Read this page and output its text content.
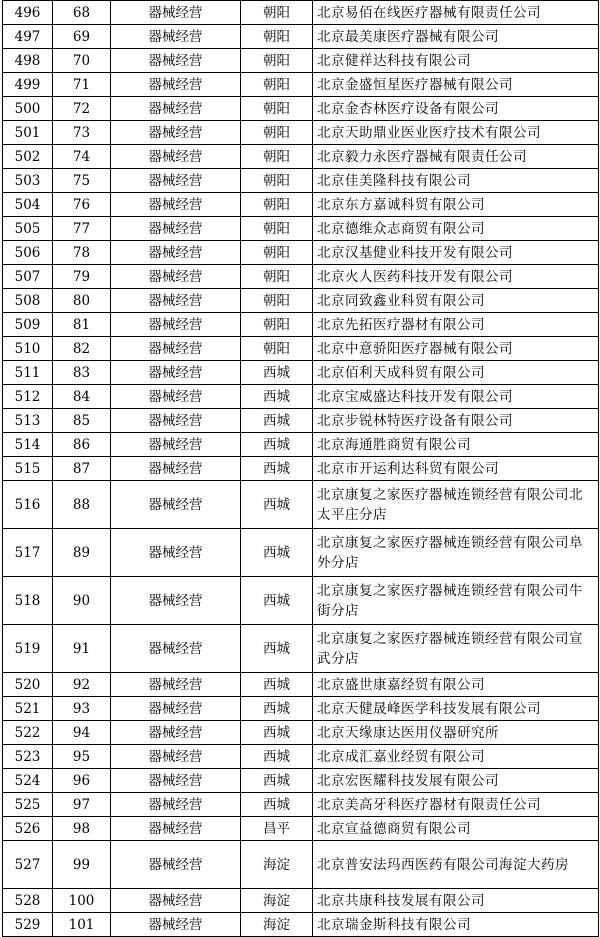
496	68	器械经营	朝阳	北京易佰在线医疗器械有限责任公司
497	69	器械经营	朝阳	北京最美康医疗器械有限公司
498	70	器械经营	朝阳	北京健祥达科技有限公司
499	71	器械经营	朝阳	北京金盛恒星医疗器械有限公司
500	72	器械经营	朝阳	北京金杏林医疗设备有限公司
501	73	器械经营	朝阳	北京天助鼎业医业医疗技术有限公司
502	74	器械经营	朝阳	北京毅力永医疗器械有限责任公司
503	75	器械经营	朝阳	北京佳美隆科技有限公司
504	76	器械经营	朝阳	北京东方嘉诚科贸有限公司
505	77	器械经营	朝阳	北京德维众志商贸有限公司
506	78	器械经营	朝阳	北京汉基健业科技开发有限公司
507	79	器械经营	朝阳	北京火人医药科技开发有限公司
508	80	器械经营	朝阳	北京同致鑫业科贸有限公司
509	81	器械经营	朝阳	北京先拓医疗器材有限公司
510	82	器械经营	朝阳	北京中意骄阳医疗器械有限公司
511	83	器械经营	西城	北京佰利天成科贸有限公司
512	84	器械经营	西城	北京宝威盛达科技开发有限公司
513	85	器械经营	西城	北京步锐林特医疗设备有限公司
514	86	器械经营	西城	北京海通胜商贸有限公司
515	87	器械经营	西城	北京市开运利达科贸有限公司
516	88	器械经营	西城	北京康复之家医疗器械连锁经营有限公司北太平庄分店
517	89	器械经营	西城	北京康复之家医疗器械连锁经营有限公司阜外分店
518	90	器械经营	西城	北京康复之家医疗器械连锁经营有限公司牛街分店
519	91	器械经营	西城	北京康复之家医疗器械连锁经营有限公司宣武分店
520	92	器械经营	西城	北京盛世康嘉经贸有限公司
521	93	器械经营	西城	北京天健晟峰医学科技发展有限公司
522	94	器械经营	西城	北京天缘康达医用仪器研究所
523	95	器械经营	西城	北京成汇嘉业经贸有限公司
524	96	器械经营	西城	北京宏医耀科技发展有限公司
525	97	器械经营	西城	北京美高牙科医疗器材有限责任公司
526	98	器械经营	昌平	北京宣益德商贸有限公司
527	99	器械经营	海淀	北京普安法玛西医药有限公司海淀大药房
528	100	器械经营	海淀	北京共康科技发展有限公司
529	101	器械经营	海淀	北京瑞金斯科技有限公司
